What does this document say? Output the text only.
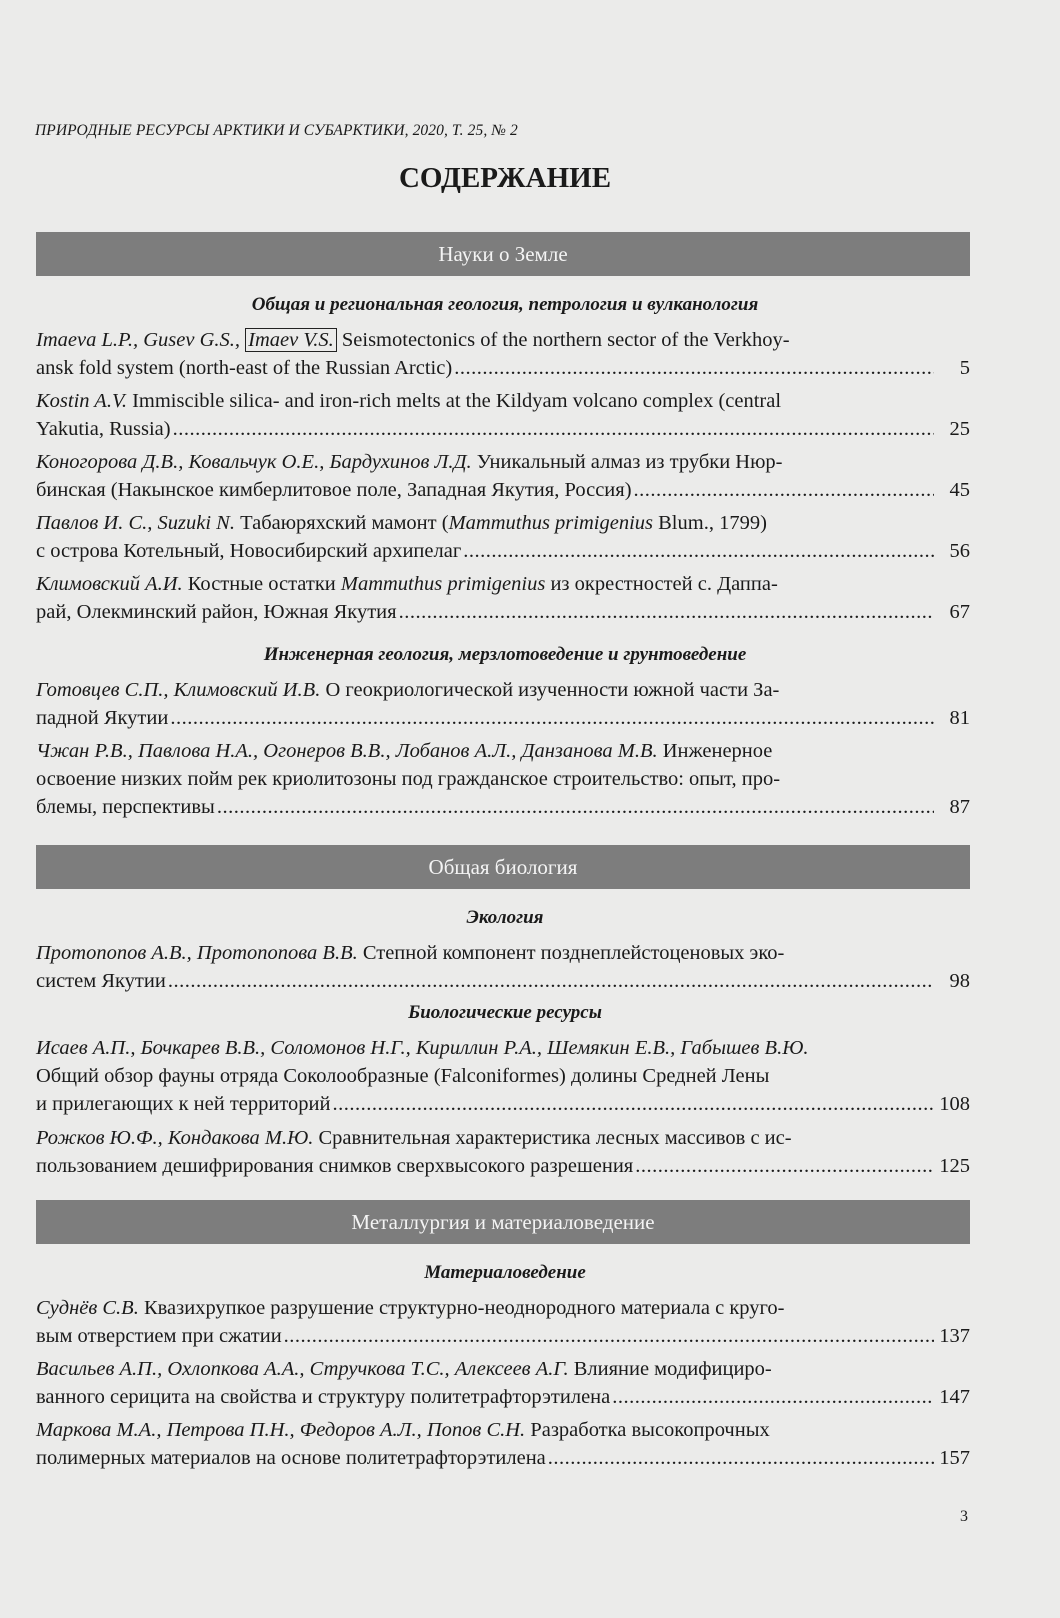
ПРИРОДНЫЕ РЕСУРСЫ АРКТИКИ И СУБАРКТИКИ, 2020, Т. 25, № 2
СОДЕРЖАНИЕ
Науки о Земле
Общая и региональная геология, петрология и вулканология
Imaeva L.P., Gusev G.S., Imaev V.S. Seismotectonics of the northern sector of the Verkhoy-
ansk fold system (north-east of the Russian Arctic) .....	5
Kostin A.V. Immiscible silica- and iron-rich melts at the Kildyam volcano complex (central
Yakutia, Russia) .....	25
Коногорова Д.В., Ковальчук О.Е., Бардухинов Л.Д. Уникальный алмаз из трубки Нюр-
бинская (Накынское кимберлитовое поле, Западная Якутия, Россия) .....	45
Павлов И. С., Suzuki N. Табаюряхский мамонт (Mammuthus primigenius Blum., 1799)
с острова Котельный, Новосибирский архипелаг .....	56
Климовский А.И. Костные остатки Mammuthus primigenius из окрестностей с. Даппа-
рай, Олекминский район, Южная Якутия .....	67
Инженерная геология, мерзлотоведение и грунтоведение
Готовцев С.П., Климовский И.В. О геокриологической изученности южной части За-
падной Якутии .....	81
Чжан Р.В., Павлова Н.А., Огонеров В.В., Лобанов А.Л., Данзанова М.В. Инженерное
освоение низких пойм рек криолитозоны под гражданское строительство: опыт, про-
блемы, перспективы .....	87
Общая биология
Экология
Протопопов А.В., Протопопова В.В. Степной компонент позднеплейстоценовых эко-
систем Якутии .....	98
Биологические ресурсы
Исаев А.П., Бочкарев В.В., Соломонов Н.Г., Кириллин Р.А., Шемякин Е.В., Габышев В.Ю.
Общий обзор фауны отряда Соколообразные (Falconiformes) долины Средней Лены
и прилегающих к ней территорий .....	108
Рожков Ю.Ф., Кондакова М.Ю. Сравнительная характеристика лесных массивов с ис-
пользованием дешифрирования снимков сверхвысокого разрешения .....	125
Металлургия и материаловедение
Материаловедение
Суднёв С.В. Квазихрупкое разрушение структурно-неоднородного материала с круго-
вым отверстием при сжатии .....	137
Васильев А.П., Охлопкова А.А., Стручкова Т.С., Алексеев А.Г. Влияние модифициро-
ванного серицита на свойства и структуру политетрафторэтилена .....	147
Маркова М.А., Петрова П.Н., Федоров А.Л., Попов С.Н. Разработка высокопрочных
полимерных материалов на основе политетрафторэтилена .....	157
3
